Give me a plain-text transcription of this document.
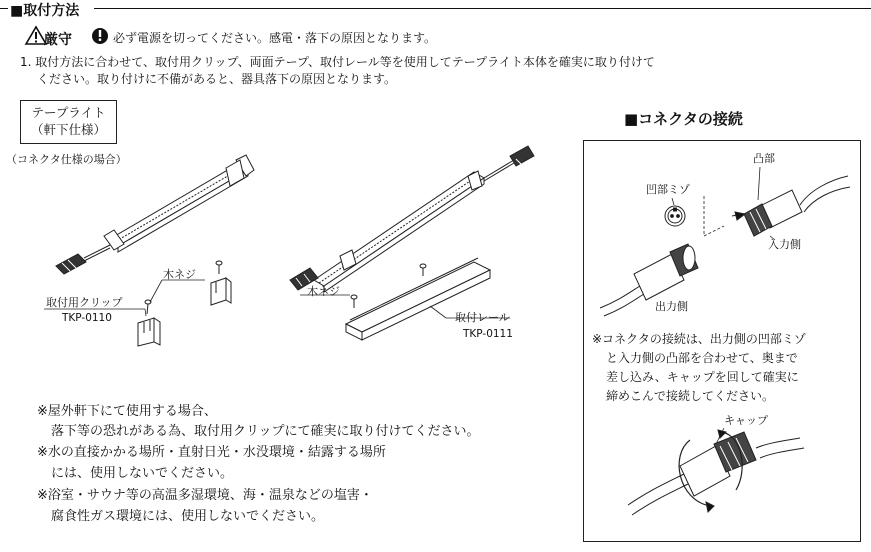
■取付方法
厳守	必ず電源を切ってください。感電・落下の原因となります。
1. 取付方法に合わせて、取付用クリップ、両面テープ、取付レール等を使用してテープライト本体を確実に取り付けて
ください。取り付けに不備があると、器具落下の原因となります。
テープライト
（軒下仕様）
（コネクタ仕様の場合）
木ネジ
取付用クリップ
TKP-0110
木ネジ
取付レール
TKP-0111
※屋外軒下にて使用する場合、
落下等の恐れがある為、取付用クリップにて確実に取り付けてください。
※水の直接かかる場所・直射日光・水没環境・結露する場所
には、使用しないでください。
※浴室・サウナ等の高温多湿環境、海・温泉などの塩害・
腐食性ガス環境には、使用しないでください。
■コネクタの接続
凸部
凹部ミゾ
入力側
出力側
※コネクタの接続は、出力側の凹部ミゾ
と入力側の凸部を合わせて、奥まで
差し込み、キャップを回して確実に
締めこんで接続してください。
キャップ
